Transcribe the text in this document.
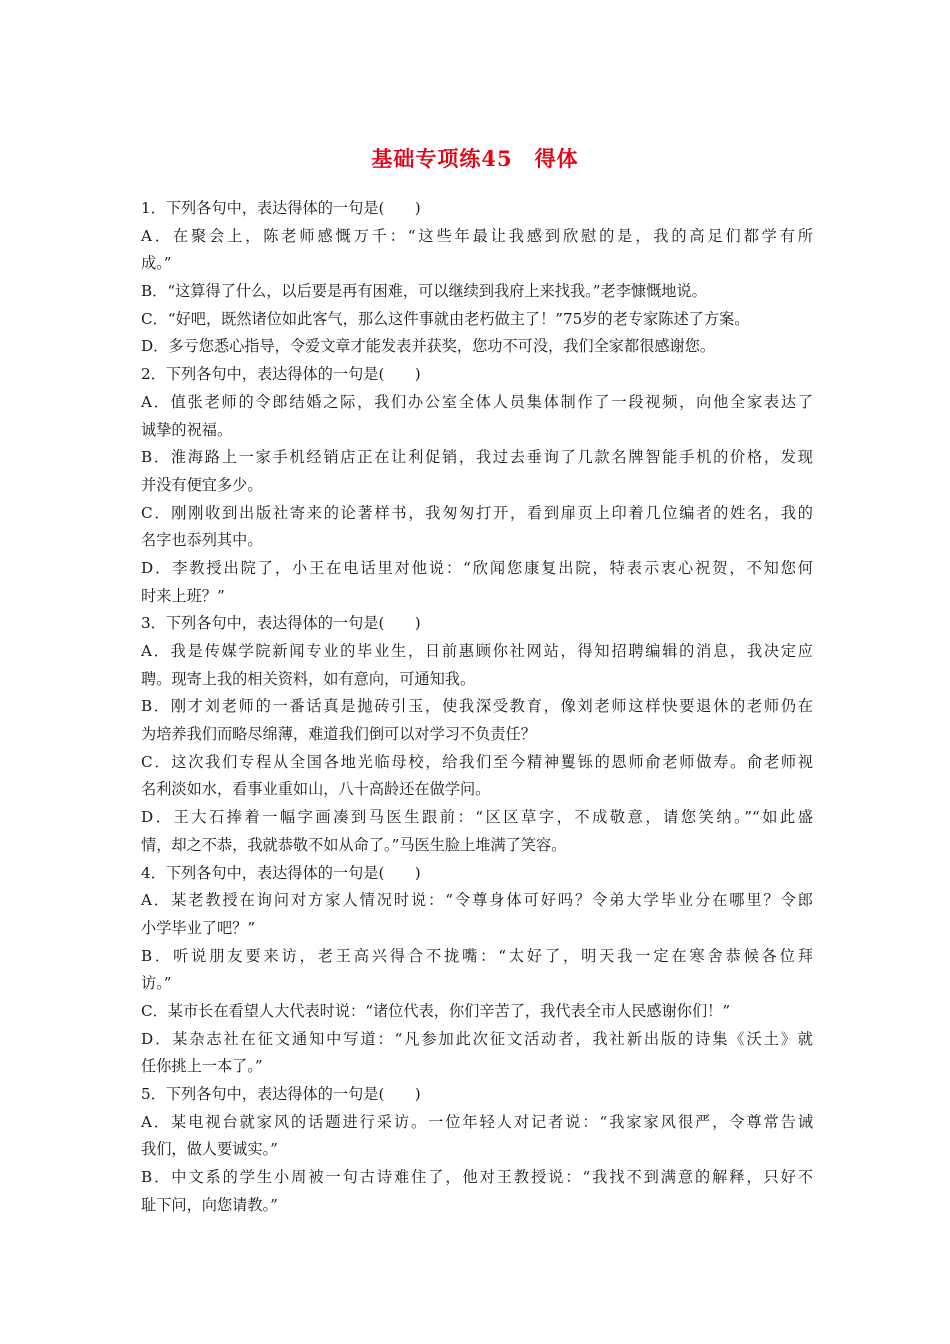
基础专项练45　得体
1．下列各句中，表达得体的一句是(　　)
A．在聚会上，陈老师感慨万千：“这些年最让我感到欣慰的是，我的高足们都学有所
成。”
B．“这算得了什么，以后要是再有困难，可以继续到我府上来找我。”老李慷慨地说。
C．“好吧，既然诸位如此客气，那么这件事就由老朽做主了！”75岁的老专家陈述了方案。
D．多亏您悉心指导，令爱文章才能发表并获奖，您功不可没，我们全家都很感谢您。
2．下列各句中，表达得体的一句是(　　)
A．值张老师的令郎结婚之际，我们办公室全体人员集体制作了一段视频，向他全家表达了
诚挚的祝福。
B．淮海路上一家手机经销店正在让利促销，我过去垂询了几款名牌智能手机的价格，发现
并没有便宜多少。
C．刚刚收到出版社寄来的论著样书，我匆匆打开，看到扉页上印着几位编者的姓名，我的
名字也忝列其中。
D．李教授出院了，小王在电话里对他说：“欣闻您康复出院，特表示衷心祝贺，不知您何
时来上班？”
3．下列各句中，表达得体的一句是(　　)
A．我是传媒学院新闻专业的毕业生，日前惠顾你社网站，得知招聘编辑的消息，我决定应
聘。现寄上我的相关资料，如有意向，可通知我。
B．刚才刘老师的一番话真是抛砖引玉，使我深受教育，像刘老师这样快要退休的老师仍在
为培养我们而略尽绵薄，难道我们倒可以对学习不负责任？
C．这次我们专程从全国各地光临母校，给我们至今精神矍铄的恩师俞老师做寿。俞老师视
名利淡如水，看事业重如山，八十高龄还在做学问。
D．王大石捧着一幅字画凑到马医生跟前：“区区草字，不成敬意，请您笑纳。”“如此盛
情，却之不恭，我就恭敬不如从命了。”马医生脸上堆满了笑容。
4．下列各句中，表达得体的一句是(　　)
A．某老教授在询问对方家人情况时说：“令尊身体可好吗？令弟大学毕业分在哪里？令郎
小学毕业了吧？”
B．听说朋友要来访，老王高兴得合不拢嘴：“太好了，明天我一定在寒舍恭候各位拜
访。”
C．某市长在看望人大代表时说：“诸位代表，你们辛苦了，我代表全市人民感谢你们！”
D．某杂志社在征文通知中写道：“凡参加此次征文活动者，我社新出版的诗集《沃土》就
任你挑上一本了。”
5．下列各句中，表达得体的一句是(　　)
A．某电视台就家风的话题进行采访。一位年轻人对记者说：“我家家风很严，令尊常告诫
我们，做人要诚实。”
B．中文系的学生小周被一句古诗难住了，他对王教授说：“我找不到满意的解释，只好不
耻下问，向您请教。”
